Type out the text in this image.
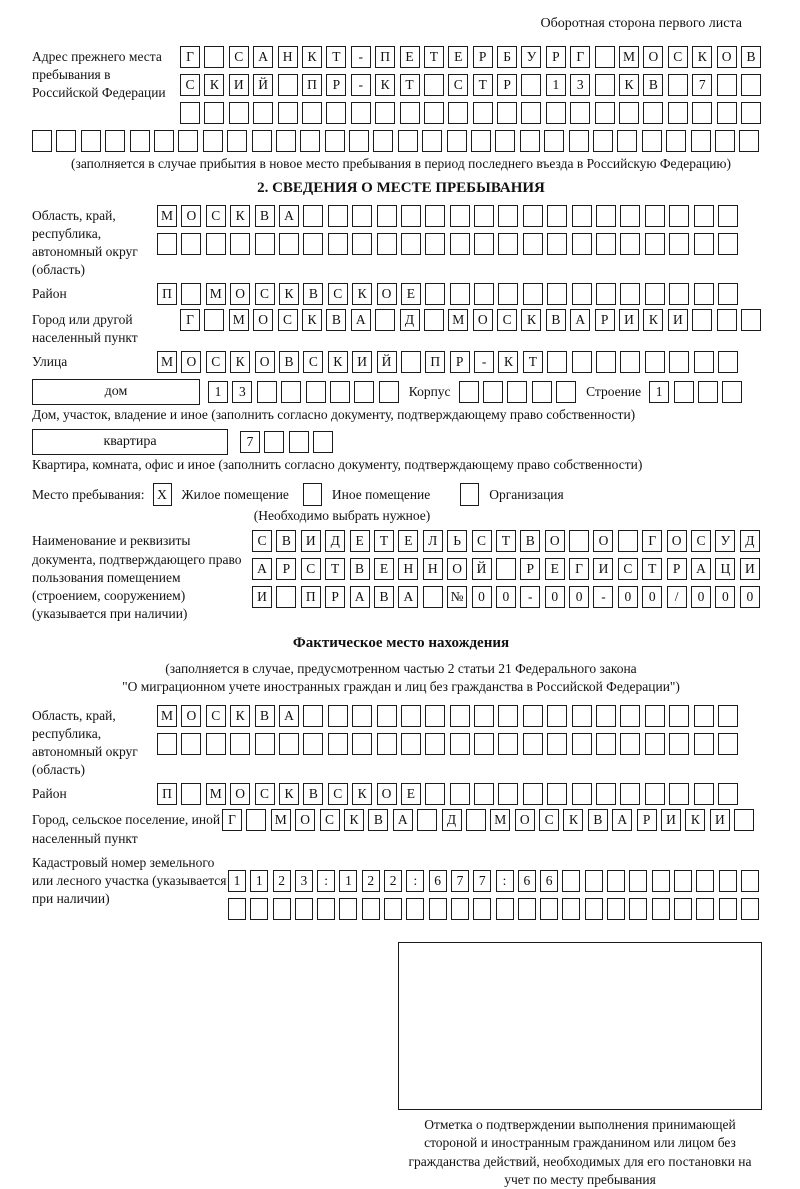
Оборотная сторона первого листа
Адрес прежнего места пребывания в Российской Федерации
Г	С	А	Н	К	Т	-	П	Е	Т	Е	Р	Б	У	Р	Г	М	О	С	К	О	В
С	К	И	Й	П	Р	-	К	Т	С	Т	Р	1	3	К	В	7
(заполняется в случае прибытия в новое место пребывания в период последнего въезда в Российскую Федерацию)
2. СВЕДЕНИЯ О МЕСТЕ ПРЕБЫВАНИЯ
Область, край, республика, автономный округ (область)
М	О	С	К	В	А
Район	П	М	О	С	К	В	С	К	О	Е
Город или другой населенный пункт
Г	М	О	С	К	В	А	Д	М	О	С	К	В	А	Р	И	К	И
Улица	М	О	С	К	О	В	С	К	И	Й	П	Р	-	К	Т
дом	1	3	Корпус	Строение	1
Дом, участок, владение и иное (заполнить согласно документу, подтверждающему право собственности)
квартира	7
Квартира, комната, офис и иное (заполнить согласно документу, подтверждающему право собственности)
Место пребывания: X	Жилое помещение	Иное помещение	Организация
(Необходимо выбрать нужное)
Наименование и реквизиты документа, подтверждающего право пользования помещением (строением, сооружением) (указывается при наличии)
С	В	И	Д	Е	Т	Е	Л	Ь	С	Т	В	О	О	Г	О	С	У	Д
А	Р	С	Т	В	Е	Н	Н	О	Й	Р	Е	Г	И	С	Т	Р	А	Ц	И
И	П	Р	А	В	А	№	0	0	-	0	0	-	0	0	/	0	0	0
Фактическое место нахождения
(заполняется в случае, предусмотренном частью 2 статьи 21 Федерального закона
"О миграционном учете иностранных граждан и лиц без гражданства в Российской Федерации")
Область, край, республика, автономный округ (область)
М	О	С	К	В	А
Район	П	М	О	С	К	В	С	К	О	Е
Город, сельское поселение, иной населенный пункт
Г	М	О	С	К	В	А	Д	М	О	С	К	В	А	Р	И	К	И
Кадастровый номер земельного или лесного участка (указывается при наличии)
1	1	2	3	:	1	2	2	:	6	7	7	:	6	6
Отметка о подтверждении выполнения принимающей стороной и иностранным гражданином или лицом без гражданства действий, необходимых для его постановки на учет по месту пребывания
